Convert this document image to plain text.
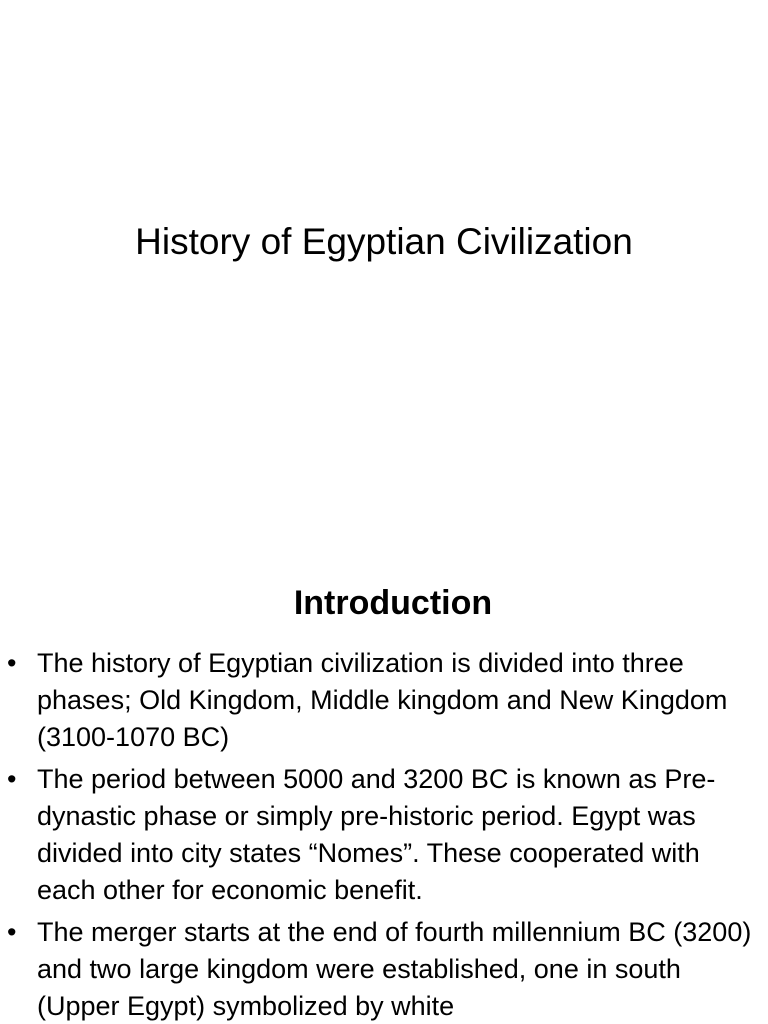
History of Egyptian Civilization
Introduction
• The history of Egyptian civilization is divided into three phases; Old Kingdom, Middle kingdom and New Kingdom (3100-1070 BC)
• The period between 5000 and 3200 BC is known as Pre-dynastic phase or simply pre-historic period. Egypt was divided into city states “Nomes”. These cooperated with each other for economic benefit.
• The merger starts at the end of fourth millennium BC (3200) and two large kingdom were established, one in south (Upper Egypt) symbolized by white
